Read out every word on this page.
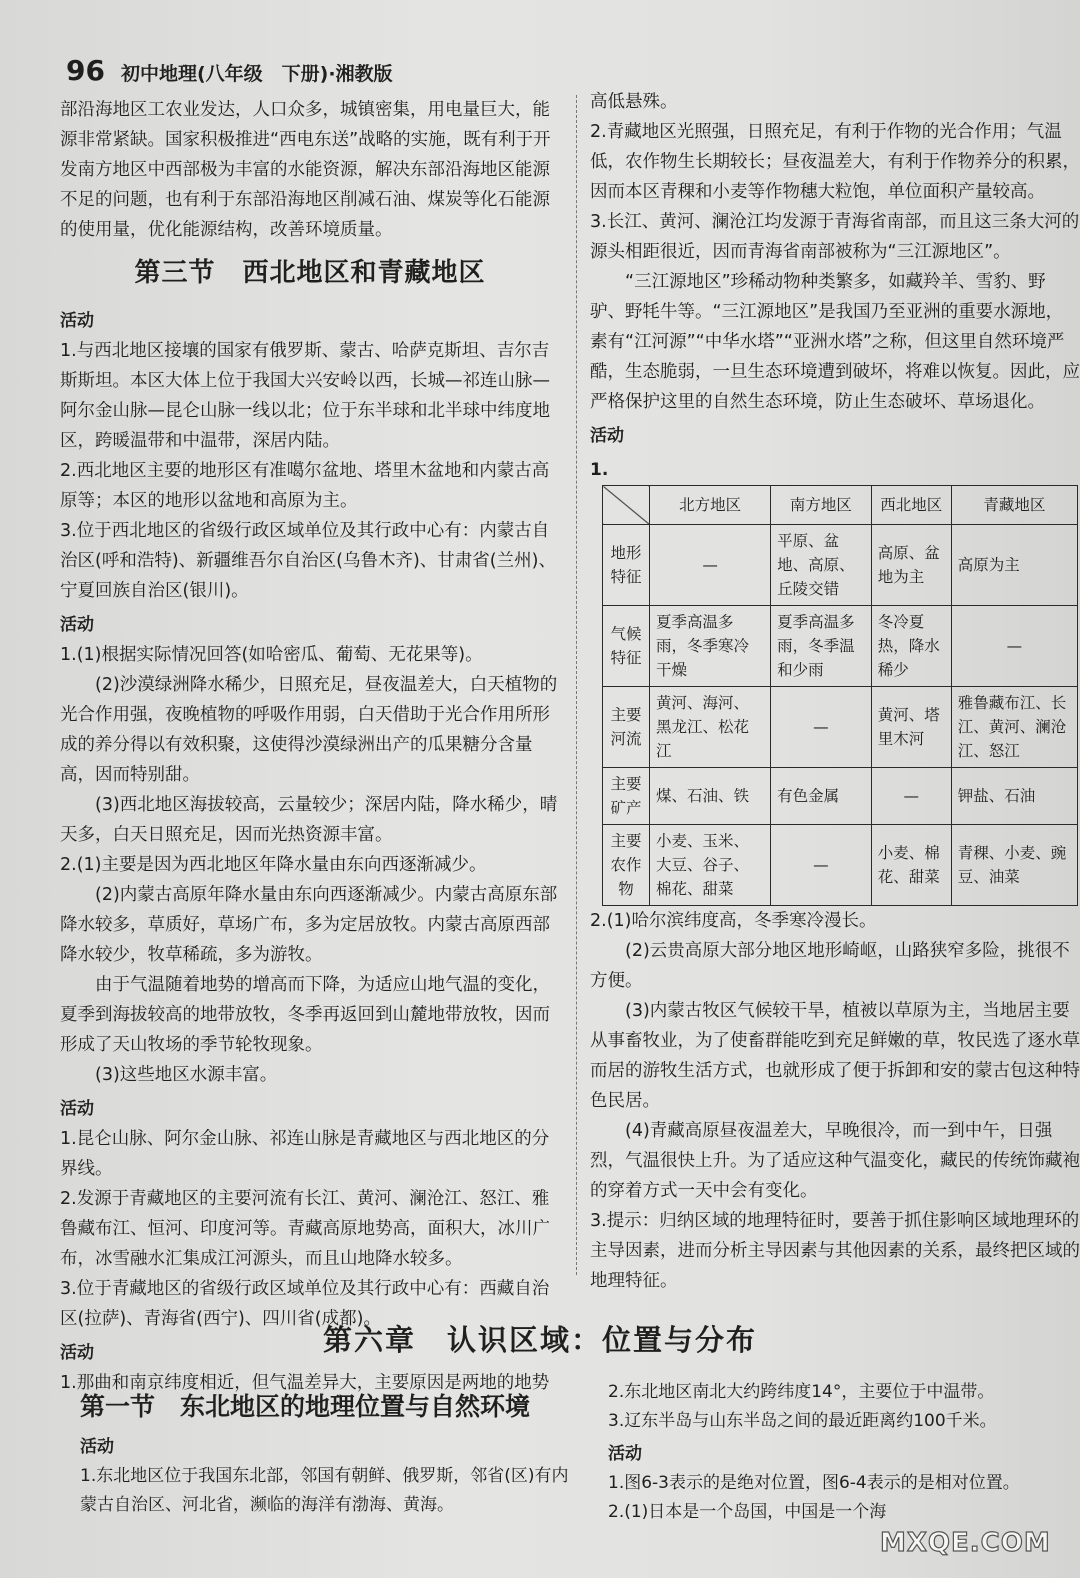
96 初中地理(八年级　下册)·湘教版

部沿海地区工农业发达，人口众多，城镇密集，用电量巨大，能源非常紧缺。国家积极推进“西电东送”战略的实施，既有利于开发南方地区中西部极为丰富的水能资源，解决东部沿海地区能源不足的问题，也有利于东部沿海地区削减石油、煤炭等化石能源的使用量，优化能源结构，改善环境质量。

第三节　西北地区和青藏地区
活动

1.与西北地区接壤的国家有俄罗斯、蒙古、哈萨克斯坦、吉尔吉斯斯坦。本区大体上位于我国大兴安岭以西，长城—祁连山脉—阿尔金山脉—昆仑山脉一线以北；位于东半球和北半球中纬度地区，跨暖温带和中温带，深居内陆。

2.西北地区主要的地形区有准噶尔盆地、塔里木盆地和内蒙古高原等；本区的地形以盆地和高原为主。

3.位于西北地区的省级行政区域单位及其行政中心有：内蒙古自治区(呼和浩特)、新疆维吾尔自治区(乌鲁木齐)、甘肃省(兰州)、宁夏回族自治区(银川)。

活动

1.(1)根据实际情况回答(如哈密瓜、葡萄、无花果等)。

　　(2)沙漠绿洲降水稀少，日照充足，昼夜温差大，白天植物的光合作用强，夜晚植物的呼吸作用弱，白天借助于光合作用所形成的养分得以有效积聚，这使得沙漠绿洲出产的瓜果糖分含量高，因而特别甜。

　　(3)西北地区海拔较高，云量较少；深居内陆，降水稀少，晴天多，白天日照充足，因而光热资源丰富。

2.(1)主要是因为西北地区年降水量由东向西逐渐减少。

　　(2)内蒙古高原年降水量由东向西逐渐减少。内蒙古高原东部降水较多，草质好，草场广布，多为定居放牧。内蒙古高原西部降水较少，牧草稀疏，多为游牧。

　　由于气温随着地势的增高而下降，为适应山地气温的变化，夏季到海拔较高的地带放牧，冬季再返回到山麓地带放牧，因而形成了天山牧场的季节轮牧现象。

　　(3)这些地区水源丰富。

活动

1.昆仑山脉、阿尔金山脉、祁连山脉是青藏地区与西北地区的分界线。

2.发源于青藏地区的主要河流有长江、黄河、澜沧江、怒江、雅鲁藏布江、恒河、印度河等。青藏高原地势高，面积大，冰川广布，冰雪融水汇集成江河源头，而且山地降水较多。

3.位于青藏地区的省级行政区域单位及其行政中心有：西藏自治区(拉萨)、青海省(西宁)、四川省(成都)。

活动

1.那曲和南京纬度相近，但气温差异大，主要原因是两地的地势

高低悬殊。

2.青藏地区光照强，日照充足，有利于作物的光合作用；气温低，农作物生长期较长；昼夜温差大，有利于作物养分的积累，因而本区青稞和小麦等作物穗大粒饱，单位面积产量较高。

3.长江、黄河、澜沧江均发源于青海省南部，而且这三条大河的源头相距很近，因而青海省南部被称为“三江源地区”。

　　“三江源地区”珍稀动物种类繁多，如藏羚羊、雪豹、野驴、野牦牛等。“三江源地区”是我国乃至亚洲的重要水源地，素有“江河源”“中华水塔”“亚洲水塔”之称，但这里自然环境严酷，生态脆弱，一旦生态环境遭到破坏，将难以恢复。因此，应严格保护这里的自然生态环境，防止生态破坏、草场退化。

活动
1.
	北方地区	南方地区	西北地区	青藏地区
地形特征	—	平原、盆地、高原、丘陵交错	高原、盆地为主	高原为主
气候特征	夏季高温多雨，冬季寒冷干燥	夏季高温多雨，冬季温和少雨	冬冷夏热，降水稀少	—
主要河流	黄河、海河、黑龙江、松花江	—	黄河、塔里木河	雅鲁藏布江、长江、黄河、澜沧江、怒江
主要矿产	煤、石油、铁	有色金属	—	钾盐、石油
主要农作物	小麦、玉米、大豆、谷子、棉花、甜菜	—	小麦、棉花、甜菜	青稞、小麦、豌豆、油菜

2.(1)哈尔滨纬度高，冬季寒冷漫长。

　　(2)云贵高原大部分地区地形崎岖，山路狭窄多险，挑很不方便。

　　(3)内蒙古牧区气候较干旱，植被以草原为主，当地居主要从事畜牧业，为了使畜群能吃到充足鲜嫩的草，牧民选了逐水草而居的游牧生活方式，也就形成了便于拆卸和安的蒙古包这种特色民居。

　　(4)青藏高原昼夜温差大，早晚很冷，而一到中午，日强烈，气温很快上升。为了适应这种气温变化，藏民的传统饰藏袍的穿着方式一天中会有变化。

3.提示：归纳区域的地理特征时，要善于抓住影响区域地理环的主导因素，进而分析主导因素与其他因素的关系，最终把区域的地理特征。

第六章　认识区域：位置与分布
第一节　东北地区的地理位置与自然环境
活动

1.东北地区位于我国东北部，邻国有朝鲜、俄罗斯，邻省(区)有内蒙古自治区、河北省，濒临的海洋有渤海、黄海。

2.东北地区南北大约跨纬度14°，主要位于中温带。

3.辽东半岛与山东半岛之间的最近距离约100千米。

活动

1.图6-3表示的是绝对位置，图6-4表示的是相对位置。

2.(1)日本是一个岛国，中国是一个海

MXQE.COM
